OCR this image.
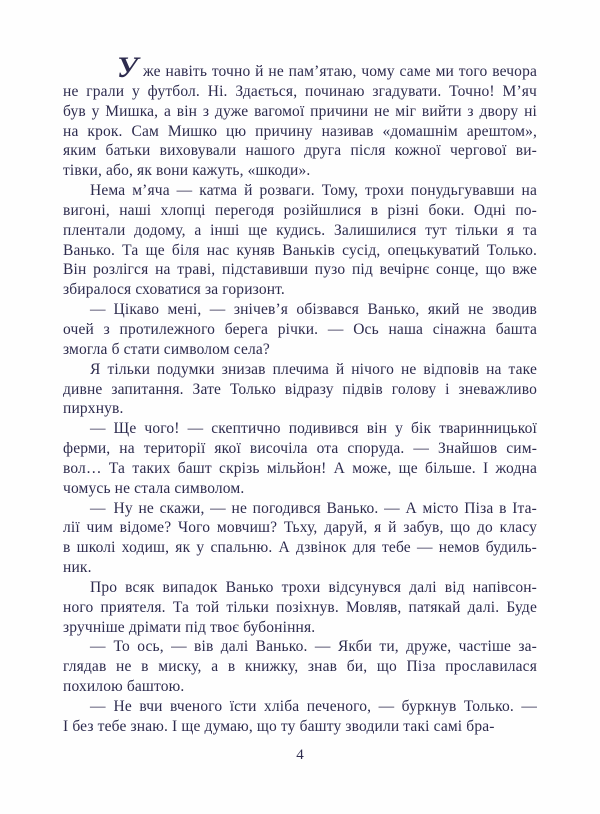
Уже навіть точно й не пам’ятаю, чому саме ми того вечора
не грали у футбол. Ні. Здається, починаю згадувати. Точно! М’яч
був у Мишка, а він з дуже вагомої причини не міг вийти з двору ні
на крок. Сам Мишко цю причину називав «домашнім арештом»,
яким батьки виховували нашого друга після кожної чергової ви-
тівки, або, як вони кажуть, «шкоди».
Нема м’яча — катма й розваги. Тому, трохи понудьгувавши на
вигоні, наші хлопці перегодя розійшлися в різні боки. Одні по-
плентали додому, а інші ще кудись. Залишилися тут тільки я та
Ванько. Та ще біля нас куняв Ваньків сусід, опецькуватий Только.
Він розлігся на траві, підставивши пузо під вечірнє сонце, що вже
збиралося сховатися за горизонт.
— Цікаво мені, — знічев’я обізвався Ванько, який не зводив
очей з протилежного берега річки. — Ось наша сінажна башта
змогла б стати символом села?
Я тільки подумки знизав плечима й нічого не відповів на таке
дивне запитання. Зате Только відразу підвів голову і зневажливо
пирхнув.
— Ще чого! — скептично подивився він у бік тваринницької
ферми, на території якої височіла ота споруда. — Знайшов сим-
вол… Та таких башт скрізь мільйон! А може, ще більше. І жодна
чомусь не стала символом.
— Ну не скажи, — не погодився Ванько. — А місто Піза в Іта-
лії чим відоме? Чого мовчиш? Тьху, даруй, я й забув, що до класу
в школі ходиш, як у спальню. А дзвінок для тебе — немов будиль-
ник.
Про всяк випадок Ванько трохи відсунувся далі від напівсон-
ного приятеля. Та той тільки позіхнув. Мовляв, патякай далі. Буде
зручніше дрімати під твоє бубоніння.
— То ось, — вів далі Ванько. — Якби ти, друже, частіше за-
глядав не в миску, а в книжку, знав би, що Піза прославилася
похилою баштою.
— Не вчи вченого їсти хліба печеного, — буркнув Только. —
І без тебе знаю. І ще думаю, що ту башту зводили такі самі бра-
4
